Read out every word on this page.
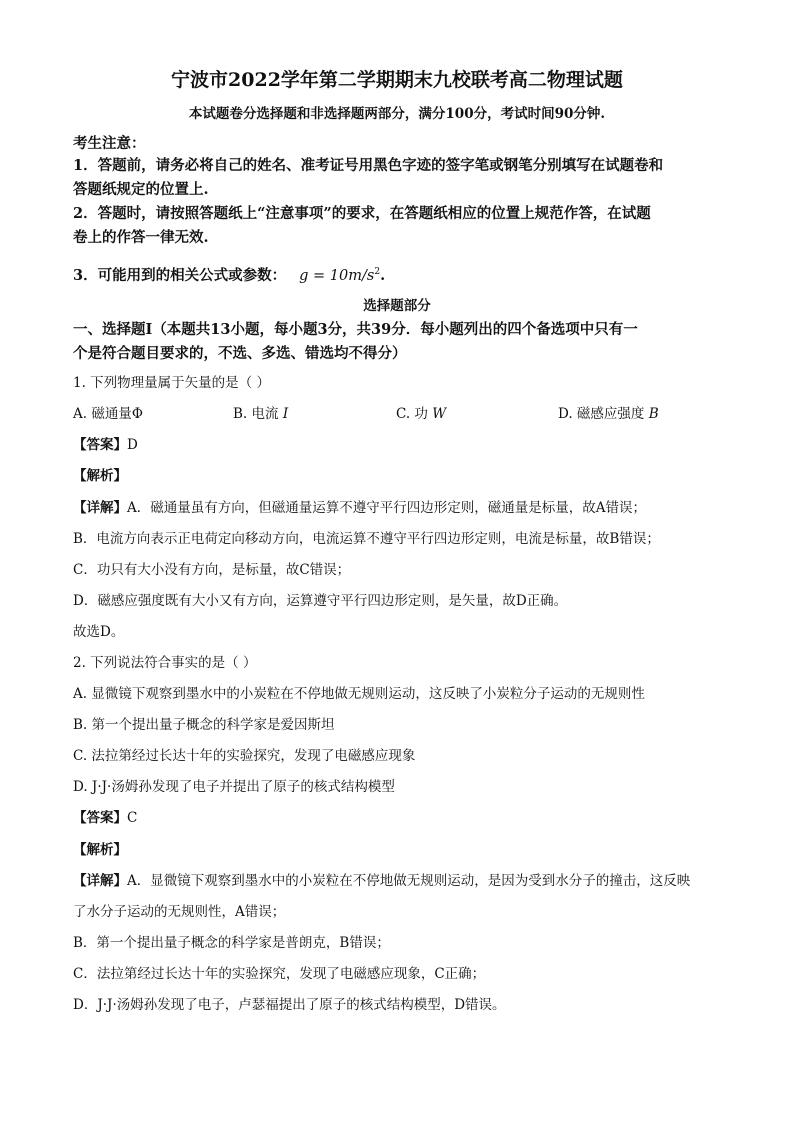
宁波市2022学年第二学期期末九校联考高二物理试题
本试题卷分选择题和非选择题两部分，满分100分，考试时间90分钟.
考生注意：
1．答题前，请务必将自己的姓名、准考证号用黑色字迹的签字笔或钢笔分别填写在试题卷和
答题纸规定的位置上.
2．答题时，请按照答题纸上“注意事项”的要求，在答题纸相应的位置上规范作答，在试题
卷上的作答一律无效.
3．可能用到的相关公式或参数： $g = 10m/s^2$.
选择题部分
一、选择题Ⅰ（本题共13小题，每小题3分，共39分．每小题列出的四个备选项中只有一
个是符合题目要求的，不选、多选、错选均不得分）
1. 下列物理量属于矢量的是（ ）
A. 磁通量Φ	B. 电流 I	C. 功 W	D. 磁感应强度 B
【答案】D
【解析】
【详解】A．磁通量虽有方向，但磁通量运算不遵守平行四边形定则，磁通量是标量，故A错误；
B．电流方向表示正电荷定向移动方向，电流运算不遵守平行四边形定则，电流是标量，故B错误；
C．功只有大小没有方向，是标量，故C错误；
D．磁感应强度既有大小又有方向，运算遵守平行四边形定则，是矢量，故D正确。
故选D。
2. 下列说法符合事实的是（ ）
A. 显微镜下观察到墨水中的小炭粒在不停地做无规则运动，这反映了小炭粒分子运动的无规则性
B. 第一个提出量子概念的科学家是爱因斯坦
C. 法拉第经过长达十年的实验探究，发现了电磁感应现象
D. J·J·汤姆孙发现了电子并提出了原子的核式结构模型
【答案】C
【解析】
【详解】A．显微镜下观察到墨水中的小炭粒在不停地做无规则运动，是因为受到水分子的撞击，这反映
了水分子运动的无规则性，A错误；
B．第一个提出量子概念的科学家是普朗克，B错误；
C．法拉第经过长达十年的实验探究，发现了电磁感应现象，C正确；
D．J·J·汤姆孙发现了电子，卢瑟福提出了原子的核式结构模型，D错误。
